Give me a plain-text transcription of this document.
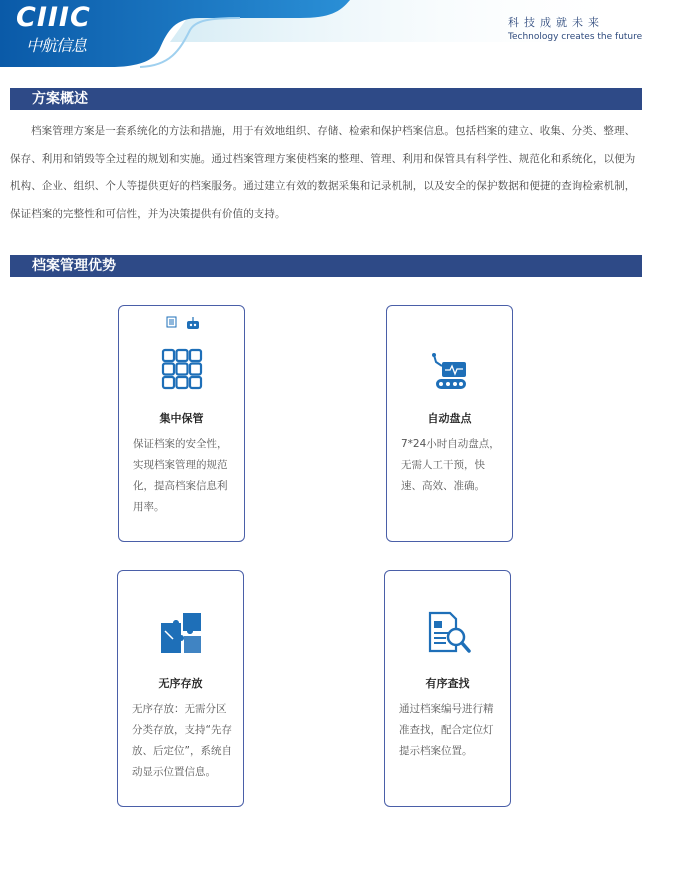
CIIIC
中航信息
科技成就未来
Technology creates the future
方案概述

档案管理方案是一套系统化的方法和措施，用于有效地组织、存储、检索和保护档案信息。包括档案的建立、收集、分类、整理、保存、利用和销毁等全过程的规划和实施。通过档案管理方案使档案的整理、管理、利用和保管具有科学性、规范化和系统化，以便为机构、企业、组织、个人等提供更好的档案服务。通过建立有效的数据采集和记录机制，以及安全的保护数据和便捷的查询检索机制，保证档案的完整性和可信性，并为决策提供有价值的支持。

档案管理优势
集中保管

保证档案的安全性，实现档案管理的规范化，提高档案信息利用率。

自动盘点

7*24小时自动盘点，无需人工干预，快速、高效、准确。

无序存放

无序存放：无需分区分类存放，支持“先存放、后定位”，系统自动显示位置信息。

有序查找

通过档案编号进行精准查找，配合定位灯提示档案位置。
